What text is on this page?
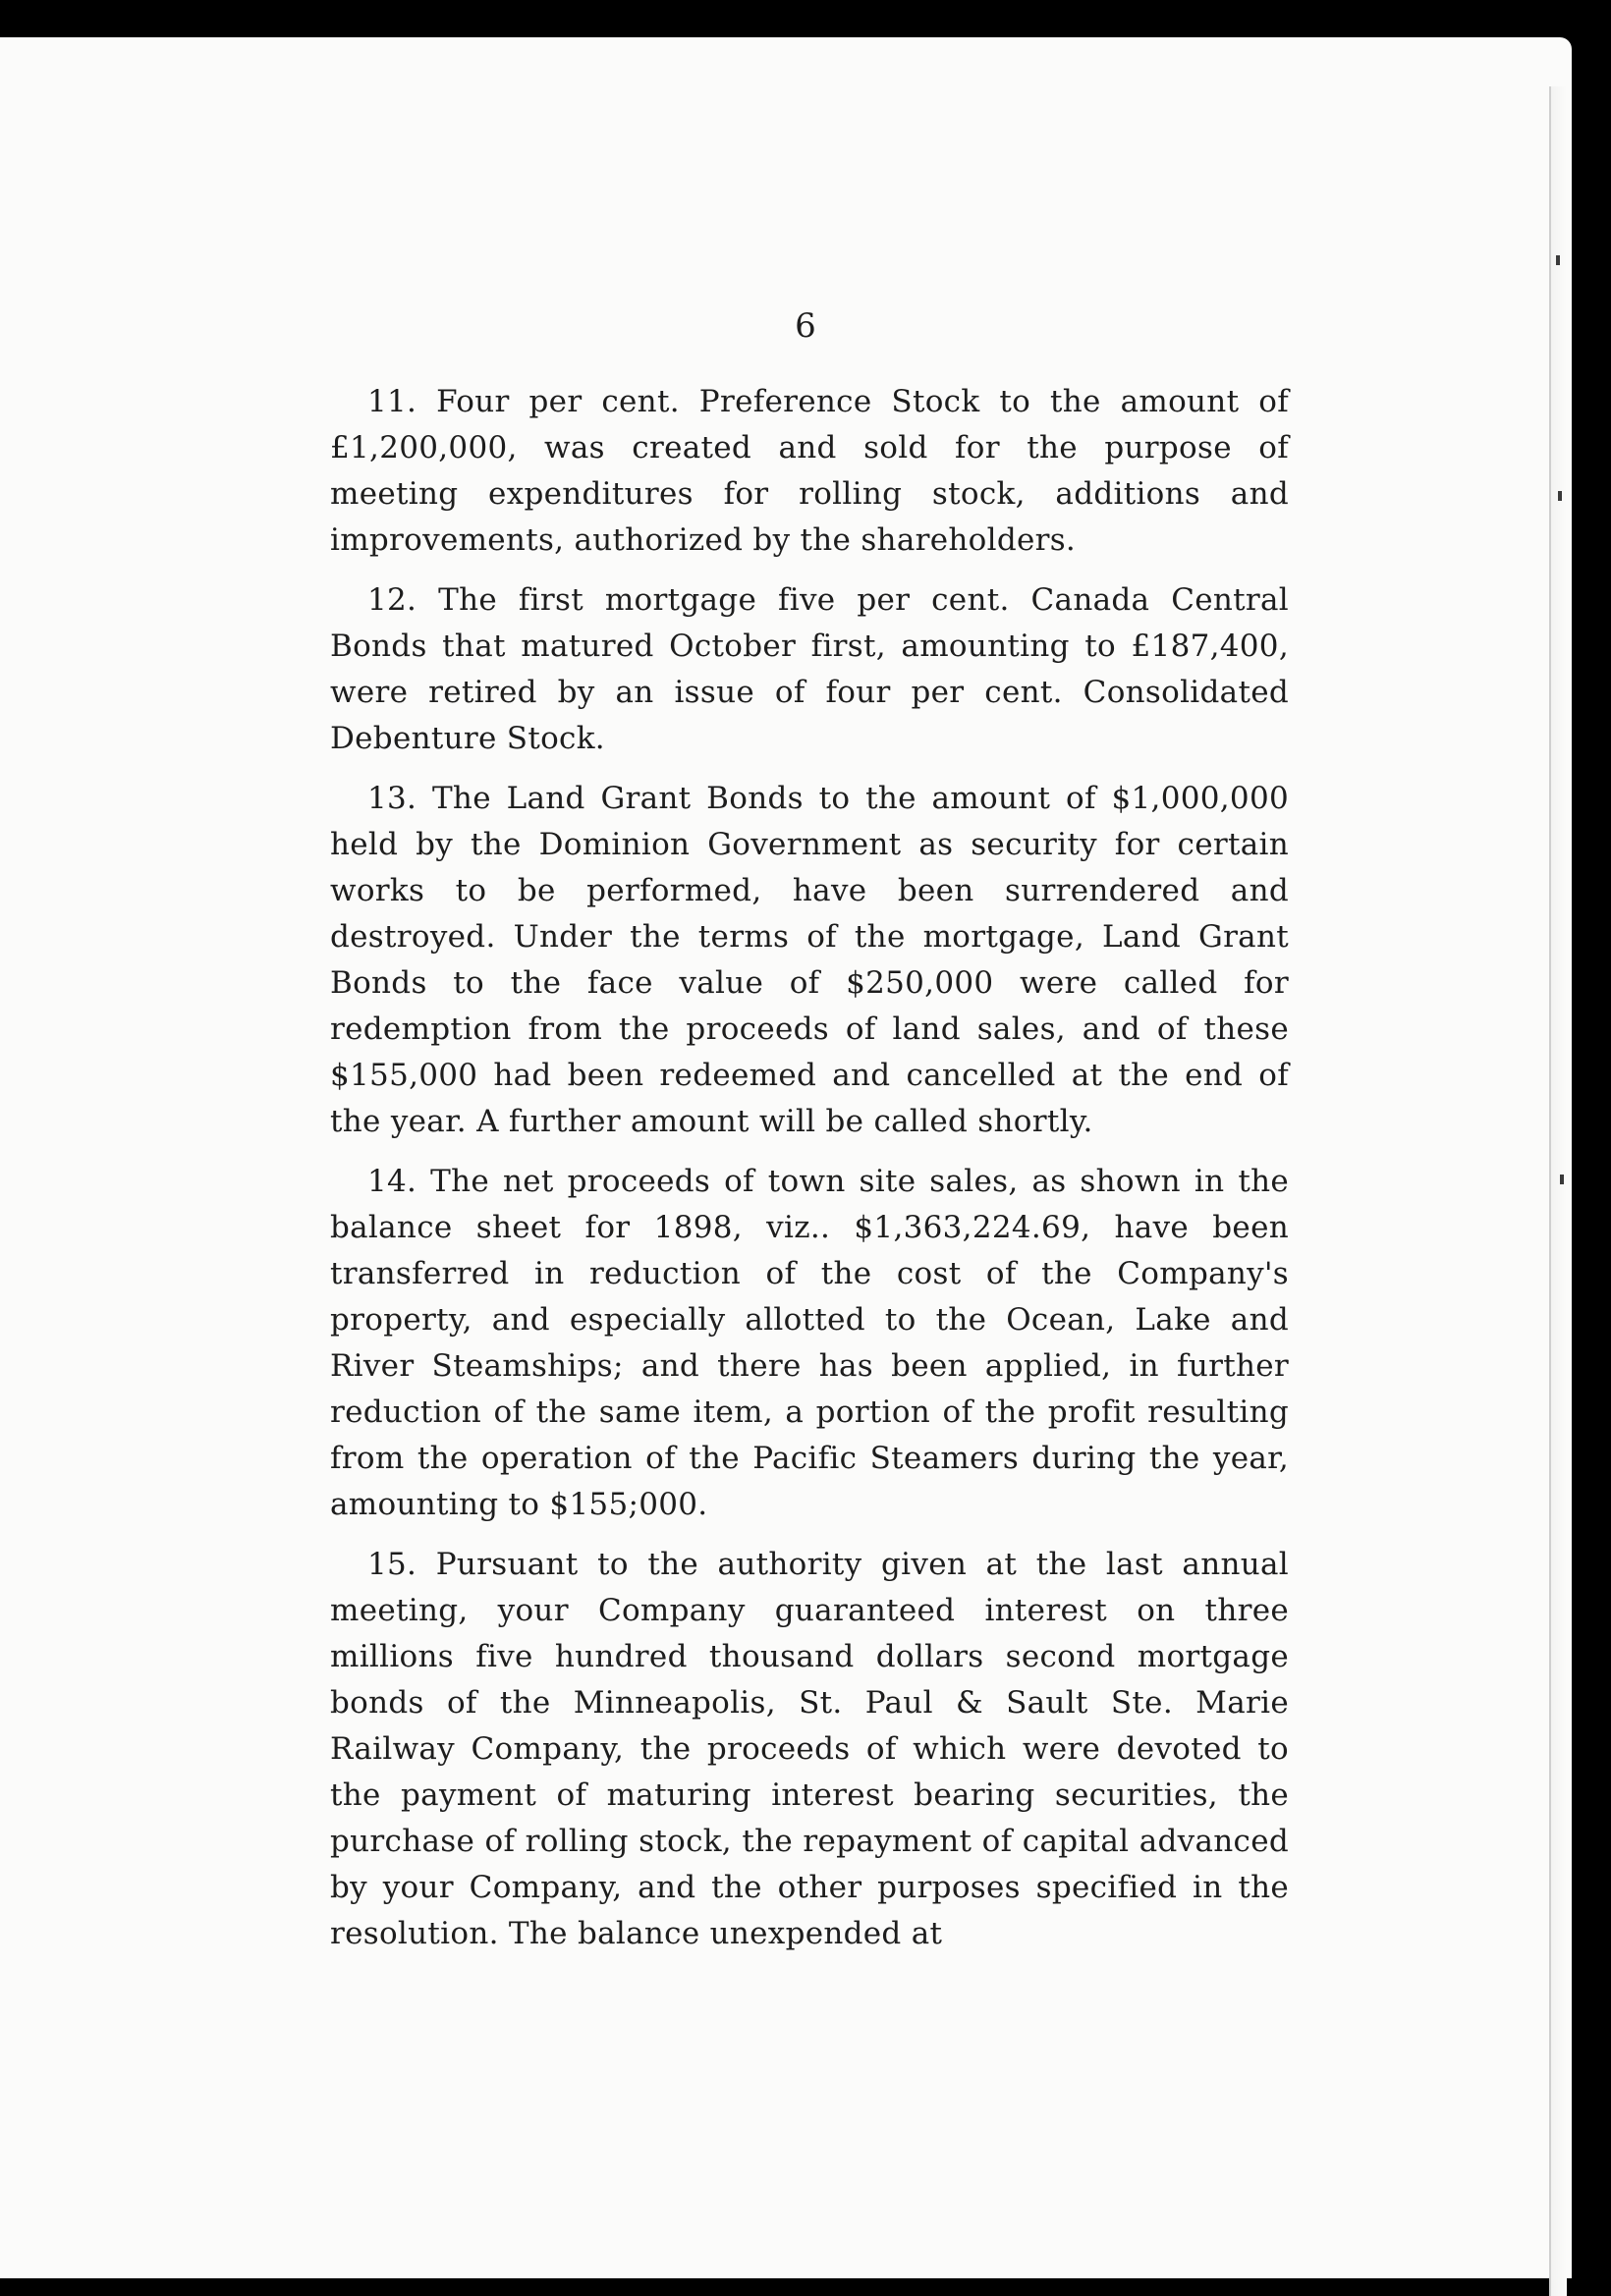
6

11. Four per cent. Preference Stock to the amount of £1,200,000, was created and sold for the purpose of meeting expenditures for rolling stock, additions and improvements, authorized by the shareholders.

12. The first mortgage five per cent. Canada Central Bonds that matured October first, amounting to £187,400, were retired by an issue of four per cent. Consolidated Debenture Stock.

13. The Land Grant Bonds to the amount of $1,000,000 held by the Dominion Government as security for certain works to be performed, have been surrendered and destroyed. Under the terms of the mortgage, Land Grant Bonds to the face value of $250,000 were called for redemption from the proceeds of land sales, and of these $155,000 had been redeemed and cancelled at the end of the year. A further amount will be called shortly.

14. The net proceeds of town site sales, as shown in the balance sheet for 1898, viz.. $1,363,224.69, have been transferred in reduction of the cost of the Company's property, and especially allotted to the Ocean, Lake and River Steamships; and there has been applied, in further reduction of the same item, a portion of the profit resulting from the operation of the Pacific Steamers during the year, amounting to $155;000.

15. Pursuant to the authority given at the last annual meeting, your Company guaranteed interest on three millions five hundred thousand dollars second mortgage bonds of the Minneapolis, St. Paul & Sault Ste. Marie Railway Company, the proceeds of which were devoted to the payment of maturing interest bearing securities, the purchase of rolling stock, the repayment of capital advanced by your Company, and the other purposes specified in the resolution. The balance unexpended at
